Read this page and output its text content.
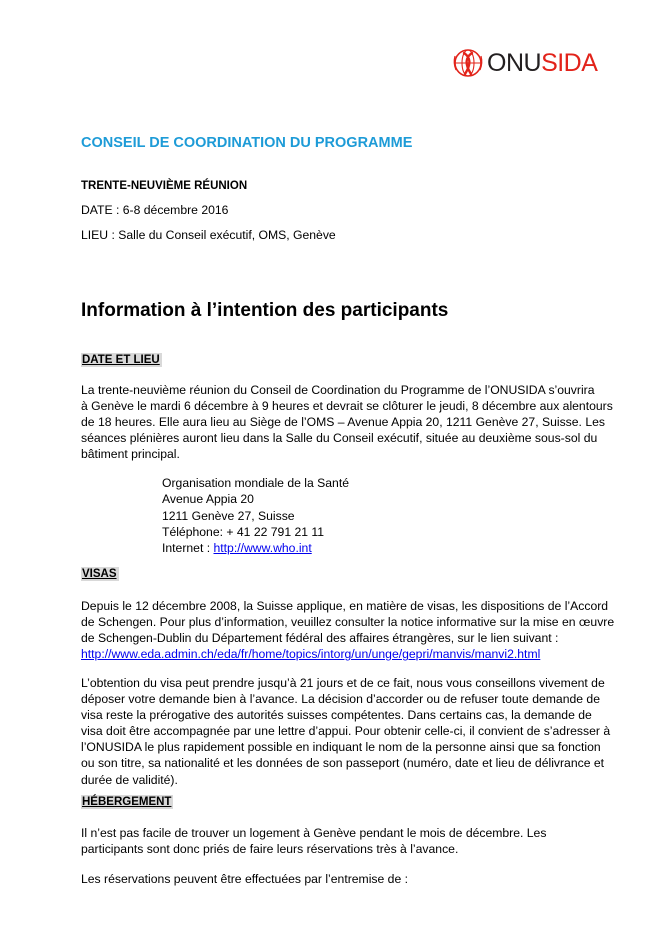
ONUSIDA
CONSEIL DE COORDINATION DU PROGRAMME
TRENTE-NEUVIÈME RÉUNION
DATE : 6-8 décembre 2016
LIEU : Salle du Conseil exécutif, OMS, Genève
Information à l’intention des participants
DATE ET LIEU

La trente-neuvième réunion du Conseil de Coordination du Programme de l’ONUSIDA s’ouvrira

à Genève le mardi 6 décembre à 9 heures et devrait se clôturer le jeudi, 8 décembre aux alentours

de 18 heures. Elle aura lieu au Siège de l’OMS – Avenue Appia 20, 1211 Genève 27, Suisse. Les

séances plénières auront lieu dans la Salle du Conseil exécutif, située au deuxième sous-sol du

bâtiment principal.

Organisation mondiale de la Santé
Avenue Appia 20
1211 Genève 27, Suisse
Téléphone: + 41 22 791 21 11
Internet : http://www.who.int
VISAS

Depuis le 12 décembre 2008, la Suisse applique, en matière de visas, les dispositions de l’Accord

de Schengen. Pour plus d’information, veuillez consulter la notice informative sur la mise en œuvre

de Schengen-Dublin du Département fédéral des affaires étrangères, sur le lien suivant :

http://www.eda.admin.ch/eda/fr/home/topics/intorg/un/unge/gepri/manvis/manvi2.html

L’obtention du visa peut prendre jusqu’à 21 jours et de ce fait, nous vous conseillons vivement de

déposer votre demande bien à l’avance. La décision d’accorder ou de refuser toute demande de

visa reste la prérogative des autorités suisses compétentes. Dans certains cas, la demande de

visa doit être accompagnée par une lettre d’appui. Pour obtenir celle-ci, il convient de s’adresser à

l’ONUSIDA le plus rapidement possible en indiquant le nom de la personne ainsi que sa fonction

ou son titre, sa nationalité et les données de son passeport (numéro, date et lieu de délivrance et

durée de validité).

HÉBERGEMENT

Il n’est pas facile de trouver un logement à Genève pendant le mois de décembre. Les

participants sont donc priés de faire leurs réservations très à l’avance.

Les réservations peuvent être effectuées par l’entremise de :
